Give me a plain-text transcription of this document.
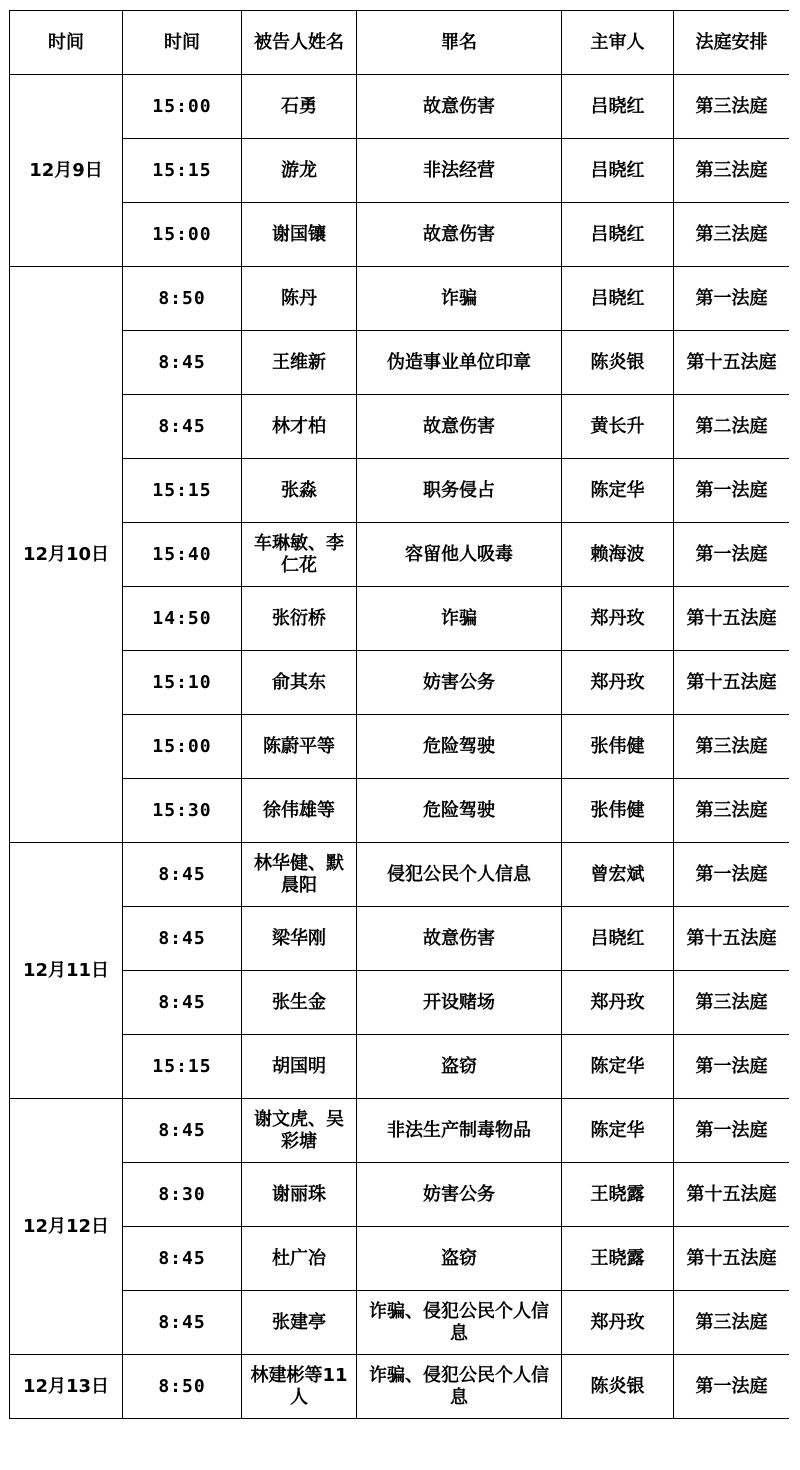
时间	时间	被告人姓名	罪名	主审人	法庭安排
12月9日	15:00	石勇	故意伤害	吕晓红	第三法庭
	15:15	游龙	非法经营	吕晓红	第三法庭
	15:00	谢国镶	故意伤害	吕晓红	第三法庭
12月10日	8:50	陈丹	诈骗	吕晓红	第一法庭
	8:45	王维新	伪造事业单位印章	陈炎银	第十五法庭
	8:45	林才柏	故意伤害	黄长升	第二法庭
	15:15	张淼	职务侵占	陈定华	第一法庭
	15:40	车琳敏、李仁花	容留他人吸毒	赖海波	第一法庭
	14:50	张衍桥	诈骗	郑丹玫	第十五法庭
	15:10	俞其东	妨害公务	郑丹玫	第十五法庭
	15:00	陈蔚平等	危险驾驶	张伟健	第三法庭
	15:30	徐伟雄等	危险驾驶	张伟健	第三法庭
12月11日	8:45	林华健、默晨阳	侵犯公民个人信息	曾宏斌	第一法庭
	8:45	梁华刚	故意伤害	吕晓红	第十五法庭
	8:45	张生金	开设赌场	郑丹玫	第三法庭
	15:15	胡国明	盗窃	陈定华	第一法庭
12月12日	8:45	谢文虎、吴彩塘	非法生产制毒物品	陈定华	第一法庭
	8:30	谢丽珠	妨害公务	王晓露	第十五法庭
	8:45	杜广冶	盗窃	王晓露	第十五法庭
	8:45	张建亭	诈骗、侵犯公民个人信息	郑丹玫	第三法庭
12月13日	8:50	林建彬等11人	诈骗、侵犯公民个人信息	陈炎银	第一法庭
